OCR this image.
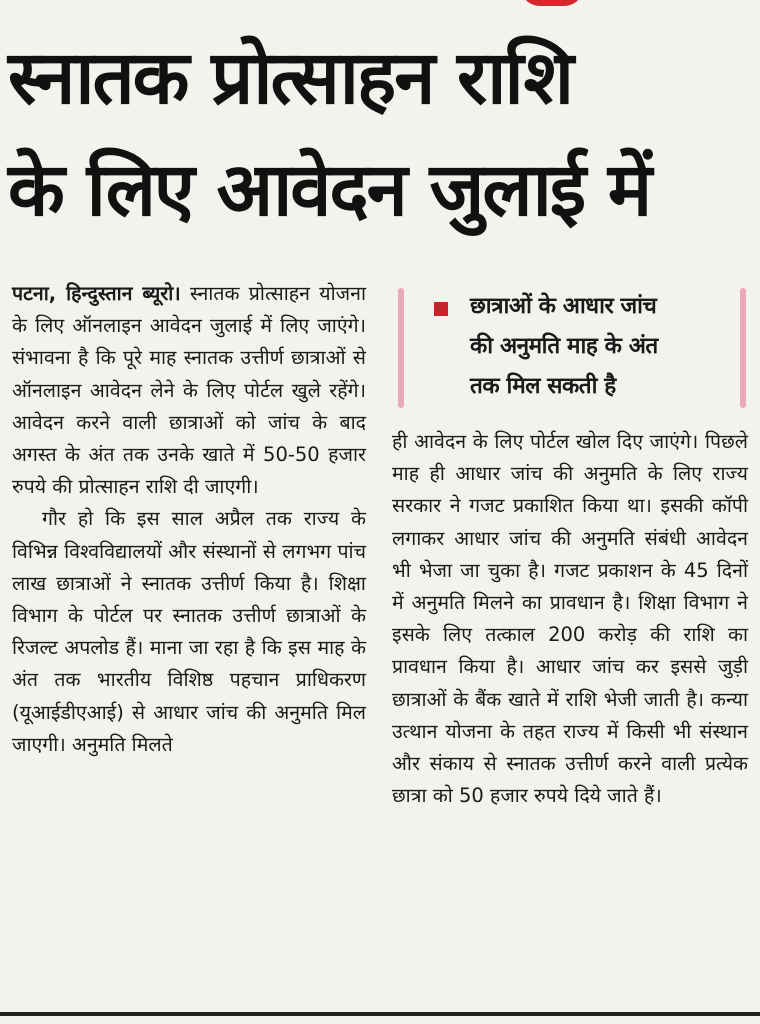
स्नातक प्रोत्साहन राशि
के लिए आवेदन जुलाई में

पटना, हिन्दुस्तान ब्यूरो। स्नातक प्रोत्साहन योजना के लिए ऑनलाइन आवेदन जुलाई में लिए जाएंगे। संभावना है कि पूरे माह स्नातक उत्तीर्ण छात्राओं से ऑनलाइन आवेदन लेने के लिए पोर्टल खुले रहेंगे। आवेदन करने वाली छात्राओं को जांच के बाद अगस्त के अंत तक उनके खाते में 50-50 हजार रुपये की प्रोत्साहन राशि दी जाएगी।

गौर हो कि इस साल अप्रैल तक राज्य के विभिन्न विश्वविद्यालयों और संस्थानों से लगभग पांच लाख छात्राओं ने स्नातक उत्तीर्ण किया है। शिक्षा विभाग के पोर्टल पर स्नातक उत्तीर्ण छात्राओं के रिजल्ट अपलोड हैं। माना जा रहा है कि इस माह के अंत तक भारतीय विशिष्ठ पहचान प्राधिकरण (यूआईडीएआई) से आधार जांच की अनुमति मिल जाएगी। अनुमति मिलते

छात्राओं के आधार जांच
की अनुमति माह के अंत
तक मिल सकती है

ही आवेदन के लिए पोर्टल खोल दिए जाएंगे। पिछले माह ही आधार जांच की अनुमति के लिए राज्य सरकार ने गजट प्रकाशित किया था। इसकी कॉपी लगाकर आधार जांच की अनुमति संबंधी आवेदन भी भेजा जा चुका है। गजट प्रकाशन के 45 दिनों में अनुमति मिलने का प्रावधान है। शिक्षा विभाग ने इसके लिए तत्काल 200 करोड़ की राशि का प्रावधान किया है। आधार जांच कर इससे जुड़ी छात्राओं के बैंक खाते में राशि भेजी जाती है। कन्या उत्थान योजना के तहत राज्य में किसी भी संस्थान और संकाय से स्नातक उत्तीर्ण करने वाली प्रत्येक छात्रा को 50 हजार रुपये दिये जाते हैं।
